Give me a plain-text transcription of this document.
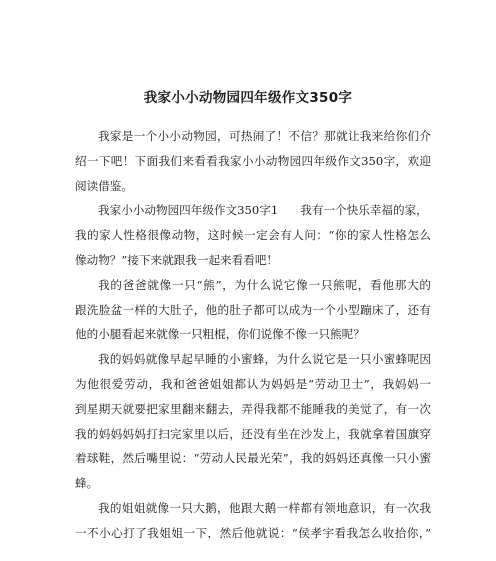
我家小小动物园四年级作文350字

我家是一个小小动物园，可热闹了！不信？那就让我来给你们介
绍一下吧！下面我们来看看我家小小动物园四年级作文350字，欢迎
阅读借鉴。

我家小小动物园四年级作文350字1 我有一个快乐幸福的家，
我的家人性格很像动物，这时候一定会有人问：“你的家人性格怎么
像动物？”接下来就跟我一起来看看吧！

我的爸爸就像一只“熊”，为什么说它像一只熊呢，看他那大的
跟洗脸盆一样的大肚子，他的肚子都可以成为一个小型蹦床了，还有
他的小腿看起来就像一只粗棍，你们说像不像一只熊呢？

我的妈妈就像早起早睡的小蜜蜂，为什么说它是一只小蜜蜂呢因
为他很爱劳动，我和爸爸姐姐都认为妈妈是“劳动卫士”，我妈妈一
到星期天就要把家里翻来翻去，弄得我都不能睡我的美觉了，有一次
我的妈妈妈妈打扫完家里以后，还没有坐在沙发上，我就拿着国旗穿
着球鞋，然后嘴里说：“劳动人民最光荣”，我的妈妈还真像一只小蜜
蜂。

我的姐姐就像一只大鹅，他跟大鹅一样都有领地意识，有一次我
一不小心打了我姐姐一下，然后他就说：“侯孝宇看我怎么收拾你，”
